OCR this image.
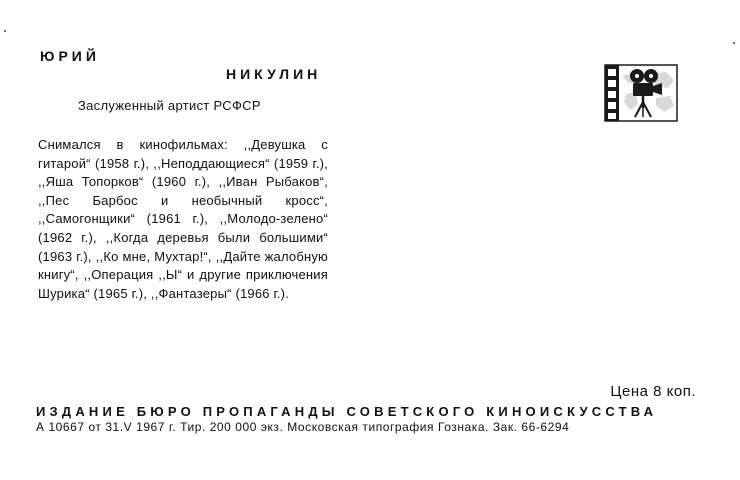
ЮРИЙ
НИКУЛИН
Заслуженный артист РСФСР
Снимался в кинофильмах: ,,Девушка с гитарой“ (1958 г.), ,,Неподдающиеся“ (1959 г.), ,,Яша Топорков“ (1960 г.), ,,Иван Рыбаков“, ,,Пес Барбос и необычный кросс“, ,,Самогонщики“ (1961 г.), ,,Молодо-зелено“ (1962 г.), ,,Когда деревья были большими“ (1963 г.), ,,Ко мне, Мухтар!“, ,,Дайте жалобную книгу“, ,,Операция ,,Ы“ и другие приключения Шурика“ (1965 г.), ,,Фантазеры“ (1966 г.).
Цена 8 коп.
ИЗДАНИЕ БЮРО ПРОПАГАНДЫ СОВЕТСКОГО КИНОИСКУССТВА
А 10667 от 31.V 1967 г. Тир. 200 000 экз. Московская типография Гознака. Зак. 66-6294
